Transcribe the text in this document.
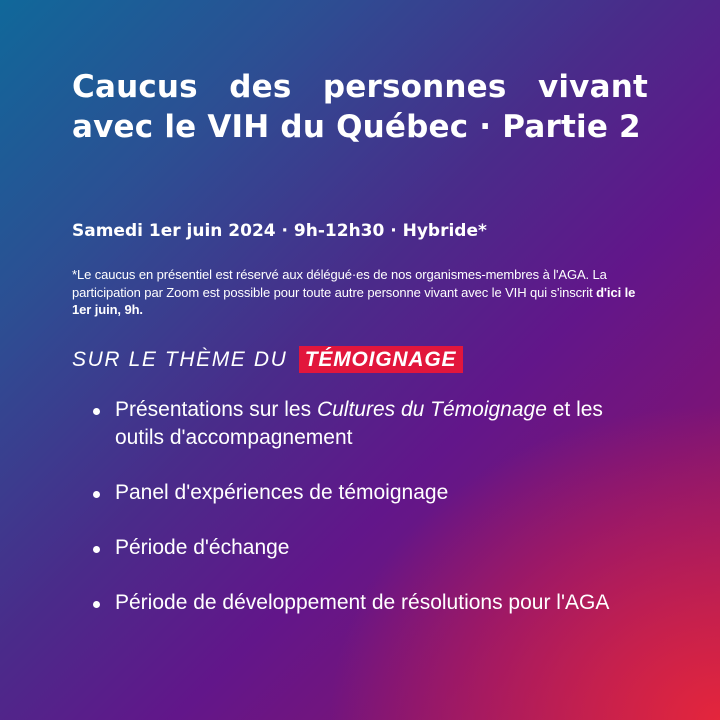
Caucus des personnes vivant avec le VIH du Québec · Partie 2

Samedi 1er juin 2024 · 9h-12h30 · Hybride*

*Le caucus en présentiel est réservé aux délégué·es de nos organismes-membres à l'AGA. La participation par Zoom est possible pour toute autre personne vivant avec le VIH qui s'inscrit d'ici le 1er juin, 9h.

SUR LE THÈME DU TÉMOIGNAGE

Présentations sur les Cultures du Témoignage et les outils d'accompagnement
Panel d'expériences de témoignage
Période d'échange
Période de développement de résolutions pour l'AGA
